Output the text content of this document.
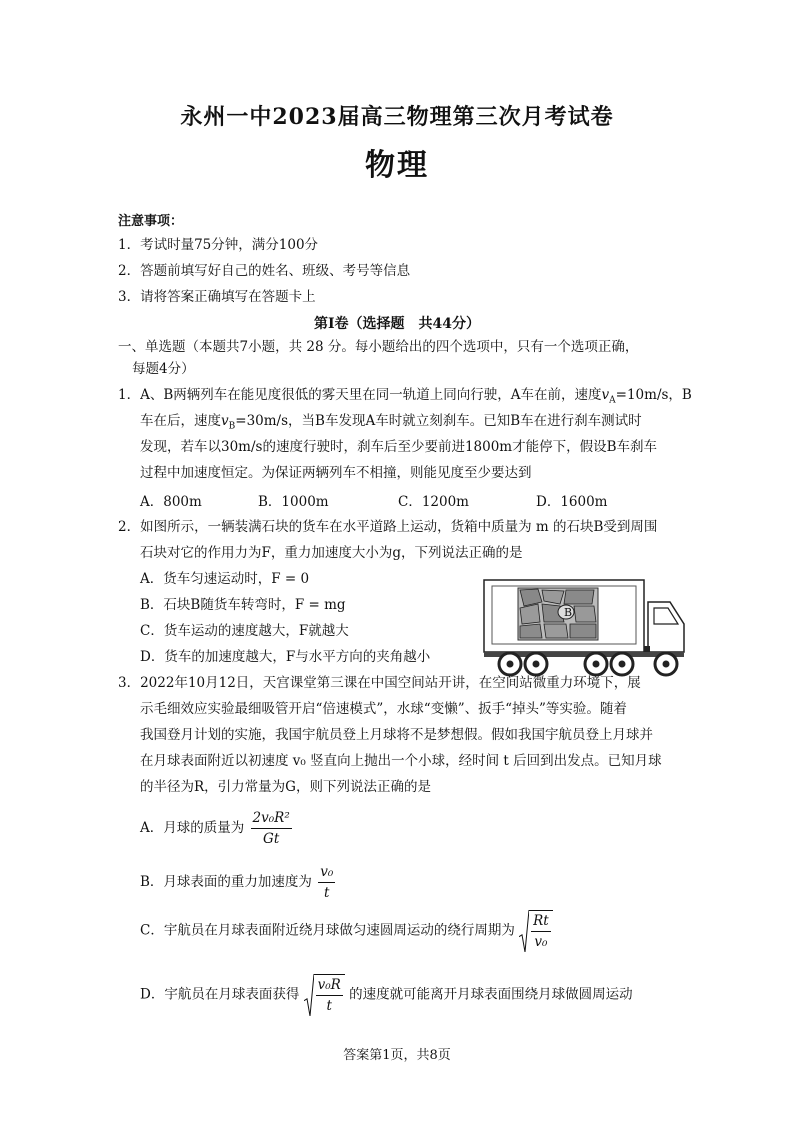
永州一中2023届高三物理第三次月考试卷
物理
注意事项：
1．考试时量75分钟，满分100分
2．答题前填写好自己的姓名、班级、考号等信息
3．请将答案正确填写在答题卡上
第Ⅰ卷（选择题　共44分）
一、单选题（本题共7小题，共 28 分。每小题给出的四个选项中，只有一个选项正确，
每题4分）
1．A、B两辆列车在能见度很低的雾天里在同一轨道上同向行驶，A车在前，速度$v_A=10m/s$，B
车在后，速度$v_B=30m/s$，当B车发现A车时就立刻刹车。已知B车在进行刹车测试时
发现，若车以30m/s的速度行驶时，刹车后至少要前进1800m才能停下，假设B车刹车
过程中加速度恒定。为保证两辆列车不相撞，则能见度至少要达到
A．800m	B．1000m	C．1200m	D．1600m
2．如图所示，一辆装满石块的货车在水平道路上运动，货箱中质量为 m 的石块B受到周围
石块对它的作用力为F，重力加速度大小为g，下列说法正确的是
A．货车匀速运动时，F = 0
B．石块B随货车转弯时，F = mg
C．货车运动的速度越大，F就越大
D．货车的加速度越大，F与水平方向的夹角越小
B
3．2022年10月12日，天宫课堂第三课在中国空间站开讲，在空间站微重力环境下，展
示毛细效应实验最细吸管开启“倍速模式”，水球“变懒”、扳手“掉头”等实验。随着
我国登月计划的实施，我国宇航员登上月球将不是梦想假。假如我国宇航员登上月球并
在月球表面附近以初速度 v₀ 竖直向上抛出一个小球，经时间 t 后回到出发点。已知月球
的半径为R，引力常量为G，则下列说法正确的是
A．月球的质量为 $\frac{\text{2v₀R²}}{Gt}$
B．月球表面的重力加速度为 $\frac{\text{v₀}}{t}$
C．宇航员在月球表面附近绕月球做匀速圆周运动的绕行周期为 $\frac{Rt}{\text{v₀}}$
D．宇航员在月球表面获得 $\frac{\text{v₀R}}{t}$ 的速度就可能离开月球表面围绕月球做圆周运动
答案第1页，共8页
